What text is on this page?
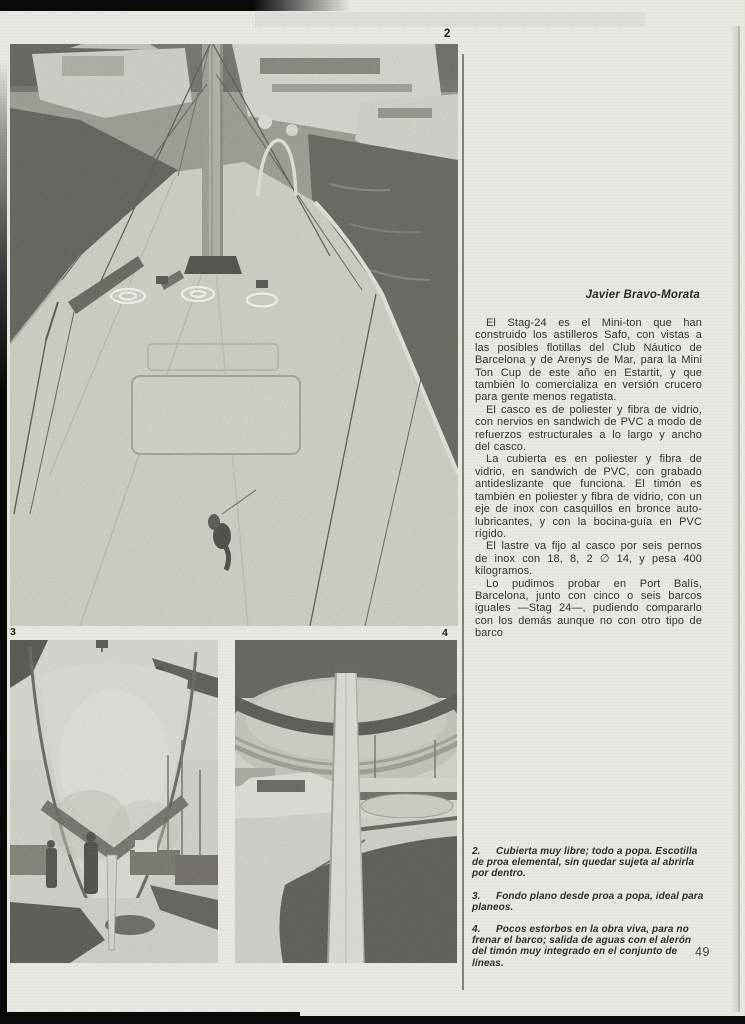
2
3	4
Javier Bravo-Morata

El Stag-24 es el Mini-ton que han construido los astilleros Safo, con vistas a las posibles flotillas del Club Náutico de Barcelona y de Arenys de Mar, para la Mini Ton Cup de este año en Estartit, y que también lo comercializa en versión crucero para gente menos regatista.

El casco es de poliester y fibra de vidrio, con nervios en sandwich de PVC a modo de refuerzos estructurales a lo largo y ancho del casco.

La cubierta es en poliester y fibra de vidrio, en sandwich de PVC, con grabado antideslizante que funciona. El timón es también en poliester y fibra de vidrio, con un eje de inox con casquillos en bronce auto-lubricantes, y con la bocina-guía en PVC rígido.

El lastre va fijo al casco por seis pernos de inox con 18, 8, 2 ∅ 14, y pesa 400 kilogramos.

Lo pudimos probar en Port Balís, Barcelona, junto con cinco o seis barcos iguales —Stag 24—, pudiendo compararlo con los demás aunque no con otro tipo de barco

2. Cubierta muy libre; todo a popa. Escotilla de proa elemental, sin quedar sujeta al abrirla por dentro.

3. Fondo plano desde proa a popa, ideal para planeos.

4. Pocos estorbos en la obra viva, para no frenar el barco; salida de aguas con el alerón del timón muy integrado en el conjunto de líneas.

49
